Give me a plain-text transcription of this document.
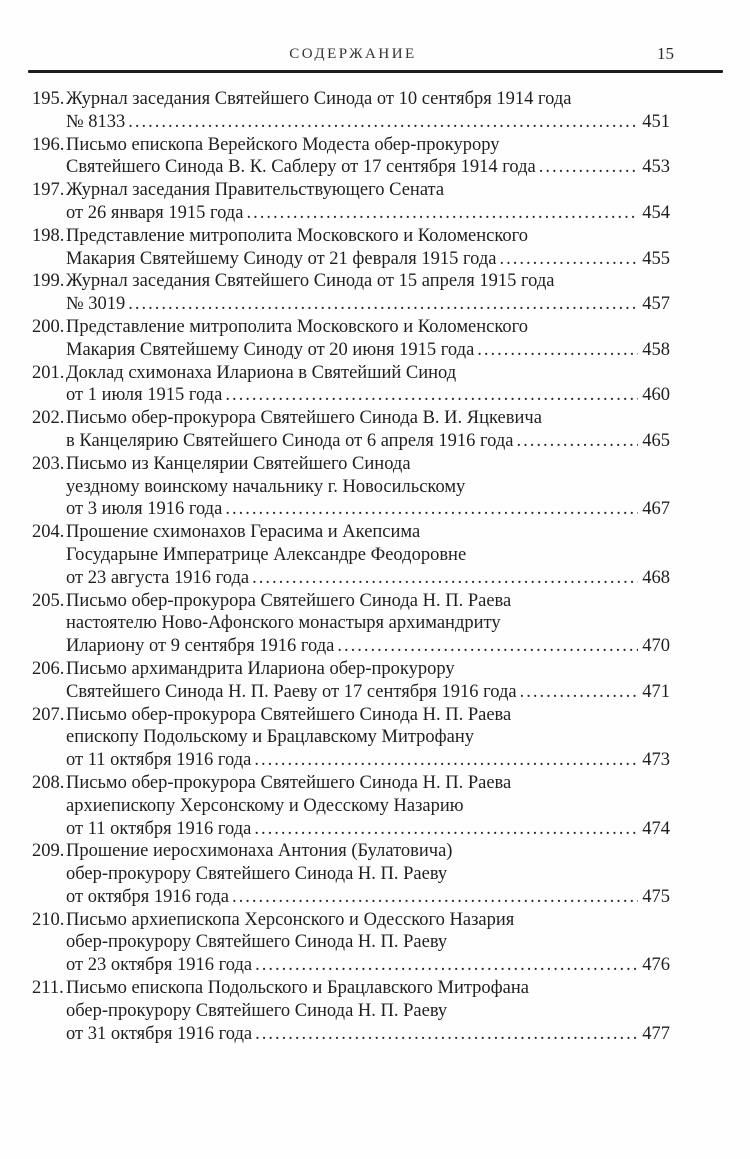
СОДЕРЖАНИЕ	15
195. Журнал заседания Святейшего Синода от 10 сентября 1914 года
№ 8133 .....	451
196. Письмо епископа Верейского Модеста обер-прокурору
Святейшего Синода В. К. Саблеру от 17 сентября 1914 года .....	453
197. Журнал заседания Правительствующего Сената
от 26 января 1915 года .....	454
198. Представление митрополита Московского и Коломенского
Макария Святейшему Синоду от 21 февраля 1915 года .....	455
199. Журнал заседания Святейшего Синода от 15 апреля 1915 года
№ 3019 .....	457
200. Представление митрополита Московского и Коломенского
Макария Святейшему Синоду от 20 июня 1915 года .....	458
201. Доклад схимонаха Илариона в Святейший Синод
от 1 июля 1915 года .....	460
202. Письмо обер-прокурора Святейшего Синода В. И. Яцкевича
в Канцелярию Святейшего Синода от 6 апреля 1916 года .....	465
203. Письмо из Канцелярии Святейшего Синода
уездному воинскому начальнику г. Новосильскому
от 3 июля 1916 года .....	467
204. Прошение схимонахов Герасима и Акепсима
Государыне Императрице Александре Феодоровне
от 23 августа 1916 года .....	468
205. Письмо обер-прокурора Святейшего Синода Н. П. Раева
настоятелю Ново-Афонского монастыря архимандриту
Илариону от 9 сентября 1916 года .....	470
206. Письмо архимандрита Илариона обер-прокурору
Святейшего Синода Н. П. Раеву от 17 сентября 1916 года .....	471
207. Письмо обер-прокурора Святейшего Синода Н. П. Раева
епископу Подольскому и Брацлавскому Митрофану
от 11 октября 1916 года .....	473
208. Письмо обер-прокурора Святейшего Синода Н. П. Раева
архиепископу Херсонскому и Одесскому Назарию
от 11 октября 1916 года .....	474
209. Прошение иеросхимонаха Антония (Булатовича)
обер-прокурору Святейшего Синода Н. П. Раеву
от октября 1916 года .....	475
210. Письмо архиепископа Херсонского и Одесского Назария
обер-прокурору Святейшего Синода Н. П. Раеву
от 23 октября 1916 года .....	476
211. Письмо епископа Подольского и Брацлавского Митрофана
обер-прокурору Святейшего Синода Н. П. Раеву
от 31 октября 1916 года .....	477
